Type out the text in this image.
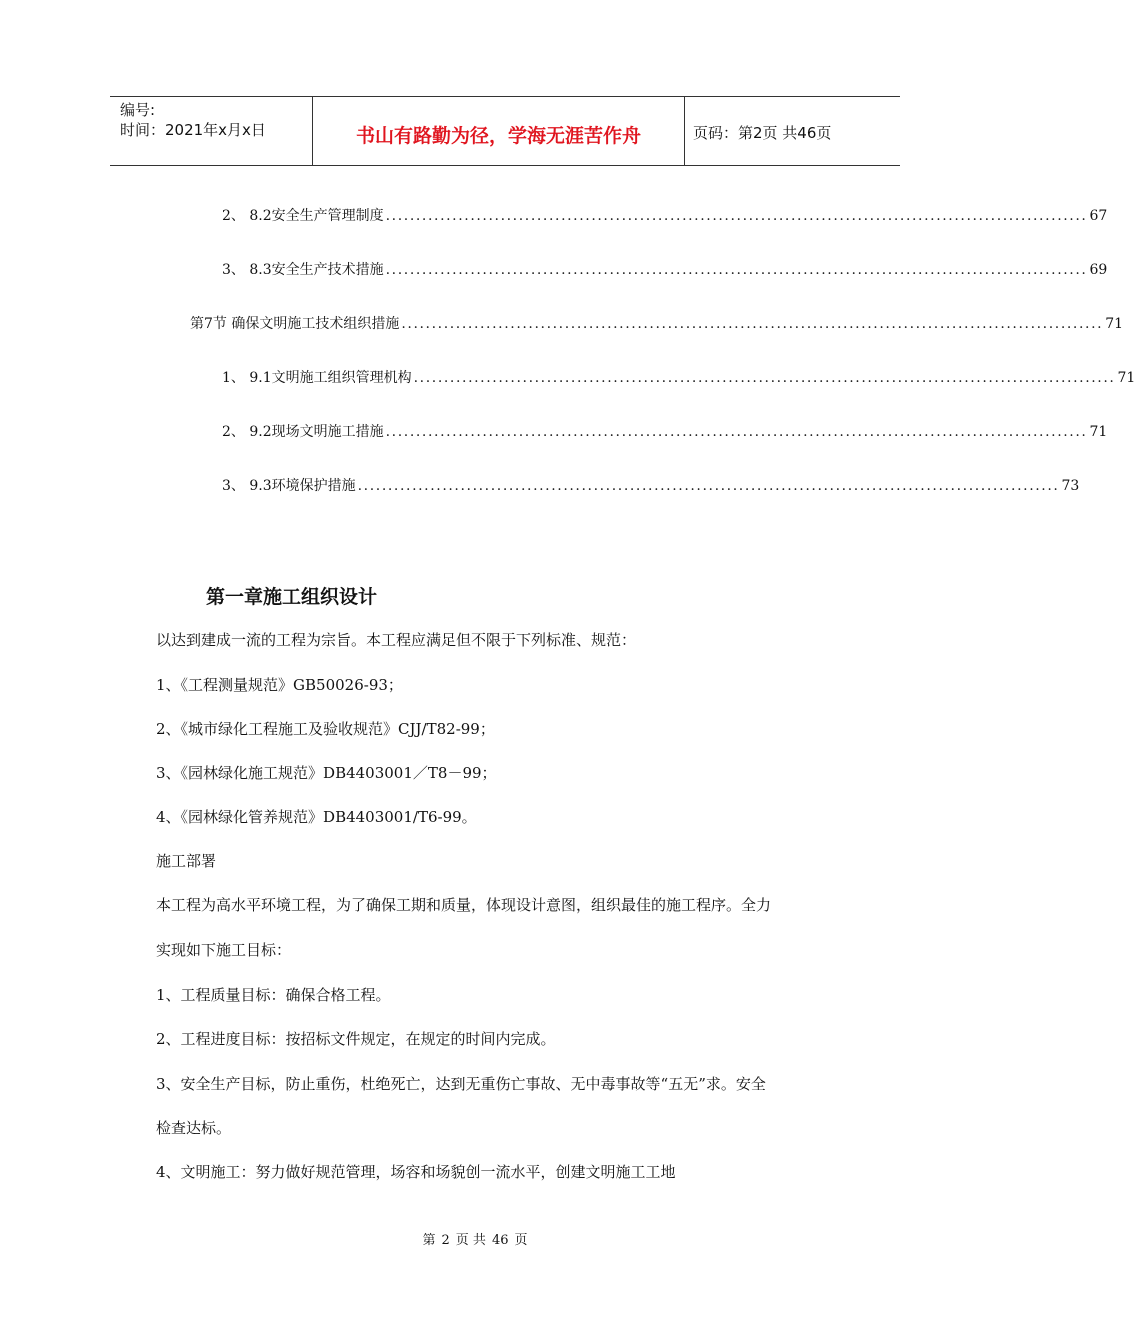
编号:
时间：2021年x月x日	书山有路勤为径，学海无涯苦作舟	页码：第2页 共46页
2、 8.2安全生产管理制度 .................................................................................................................... 67
3、 8.3安全生产技术措施 .................................................................................................................... 69
第7节 确保文明施工技术组织措施 .................................................................................................................... 71
1、 9.1文明施工组织管理机构 .................................................................................................................... 71
2、 9.2现场文明施工措施 .................................................................................................................... 71
3、 9.3环境保护措施 .................................................................................................................... 73
第一章施工组织设计
以达到建成一流的工程为宗旨。本工程应满足但不限于下列标准、规范：
1、《工程测量规范》GB50026-93；
2、《城市绿化工程施工及验收规范》CJJ/T82-99；
3、《园林绿化施工规范》DB4403001／T8－99；
4、《园林绿化管养规范》DB4403001/T6-99。
施工部署
本工程为高水平环境工程，为了确保工期和质量，体现设计意图，组织最佳的施工程序。全力
实现如下施工目标：
1、工程质量目标：确保合格工程。
2、工程进度目标：按招标文件规定，在规定的时间内完成。
3、安全生产目标，防止重伤，杜绝死亡，达到无重伤亡事故、无中毒事故等“五无”求。安全
检查达标。
4、文明施工：努力做好规范管理，场容和场貌创一流水平，创建文明施工工地
第 2 页 共 46 页
